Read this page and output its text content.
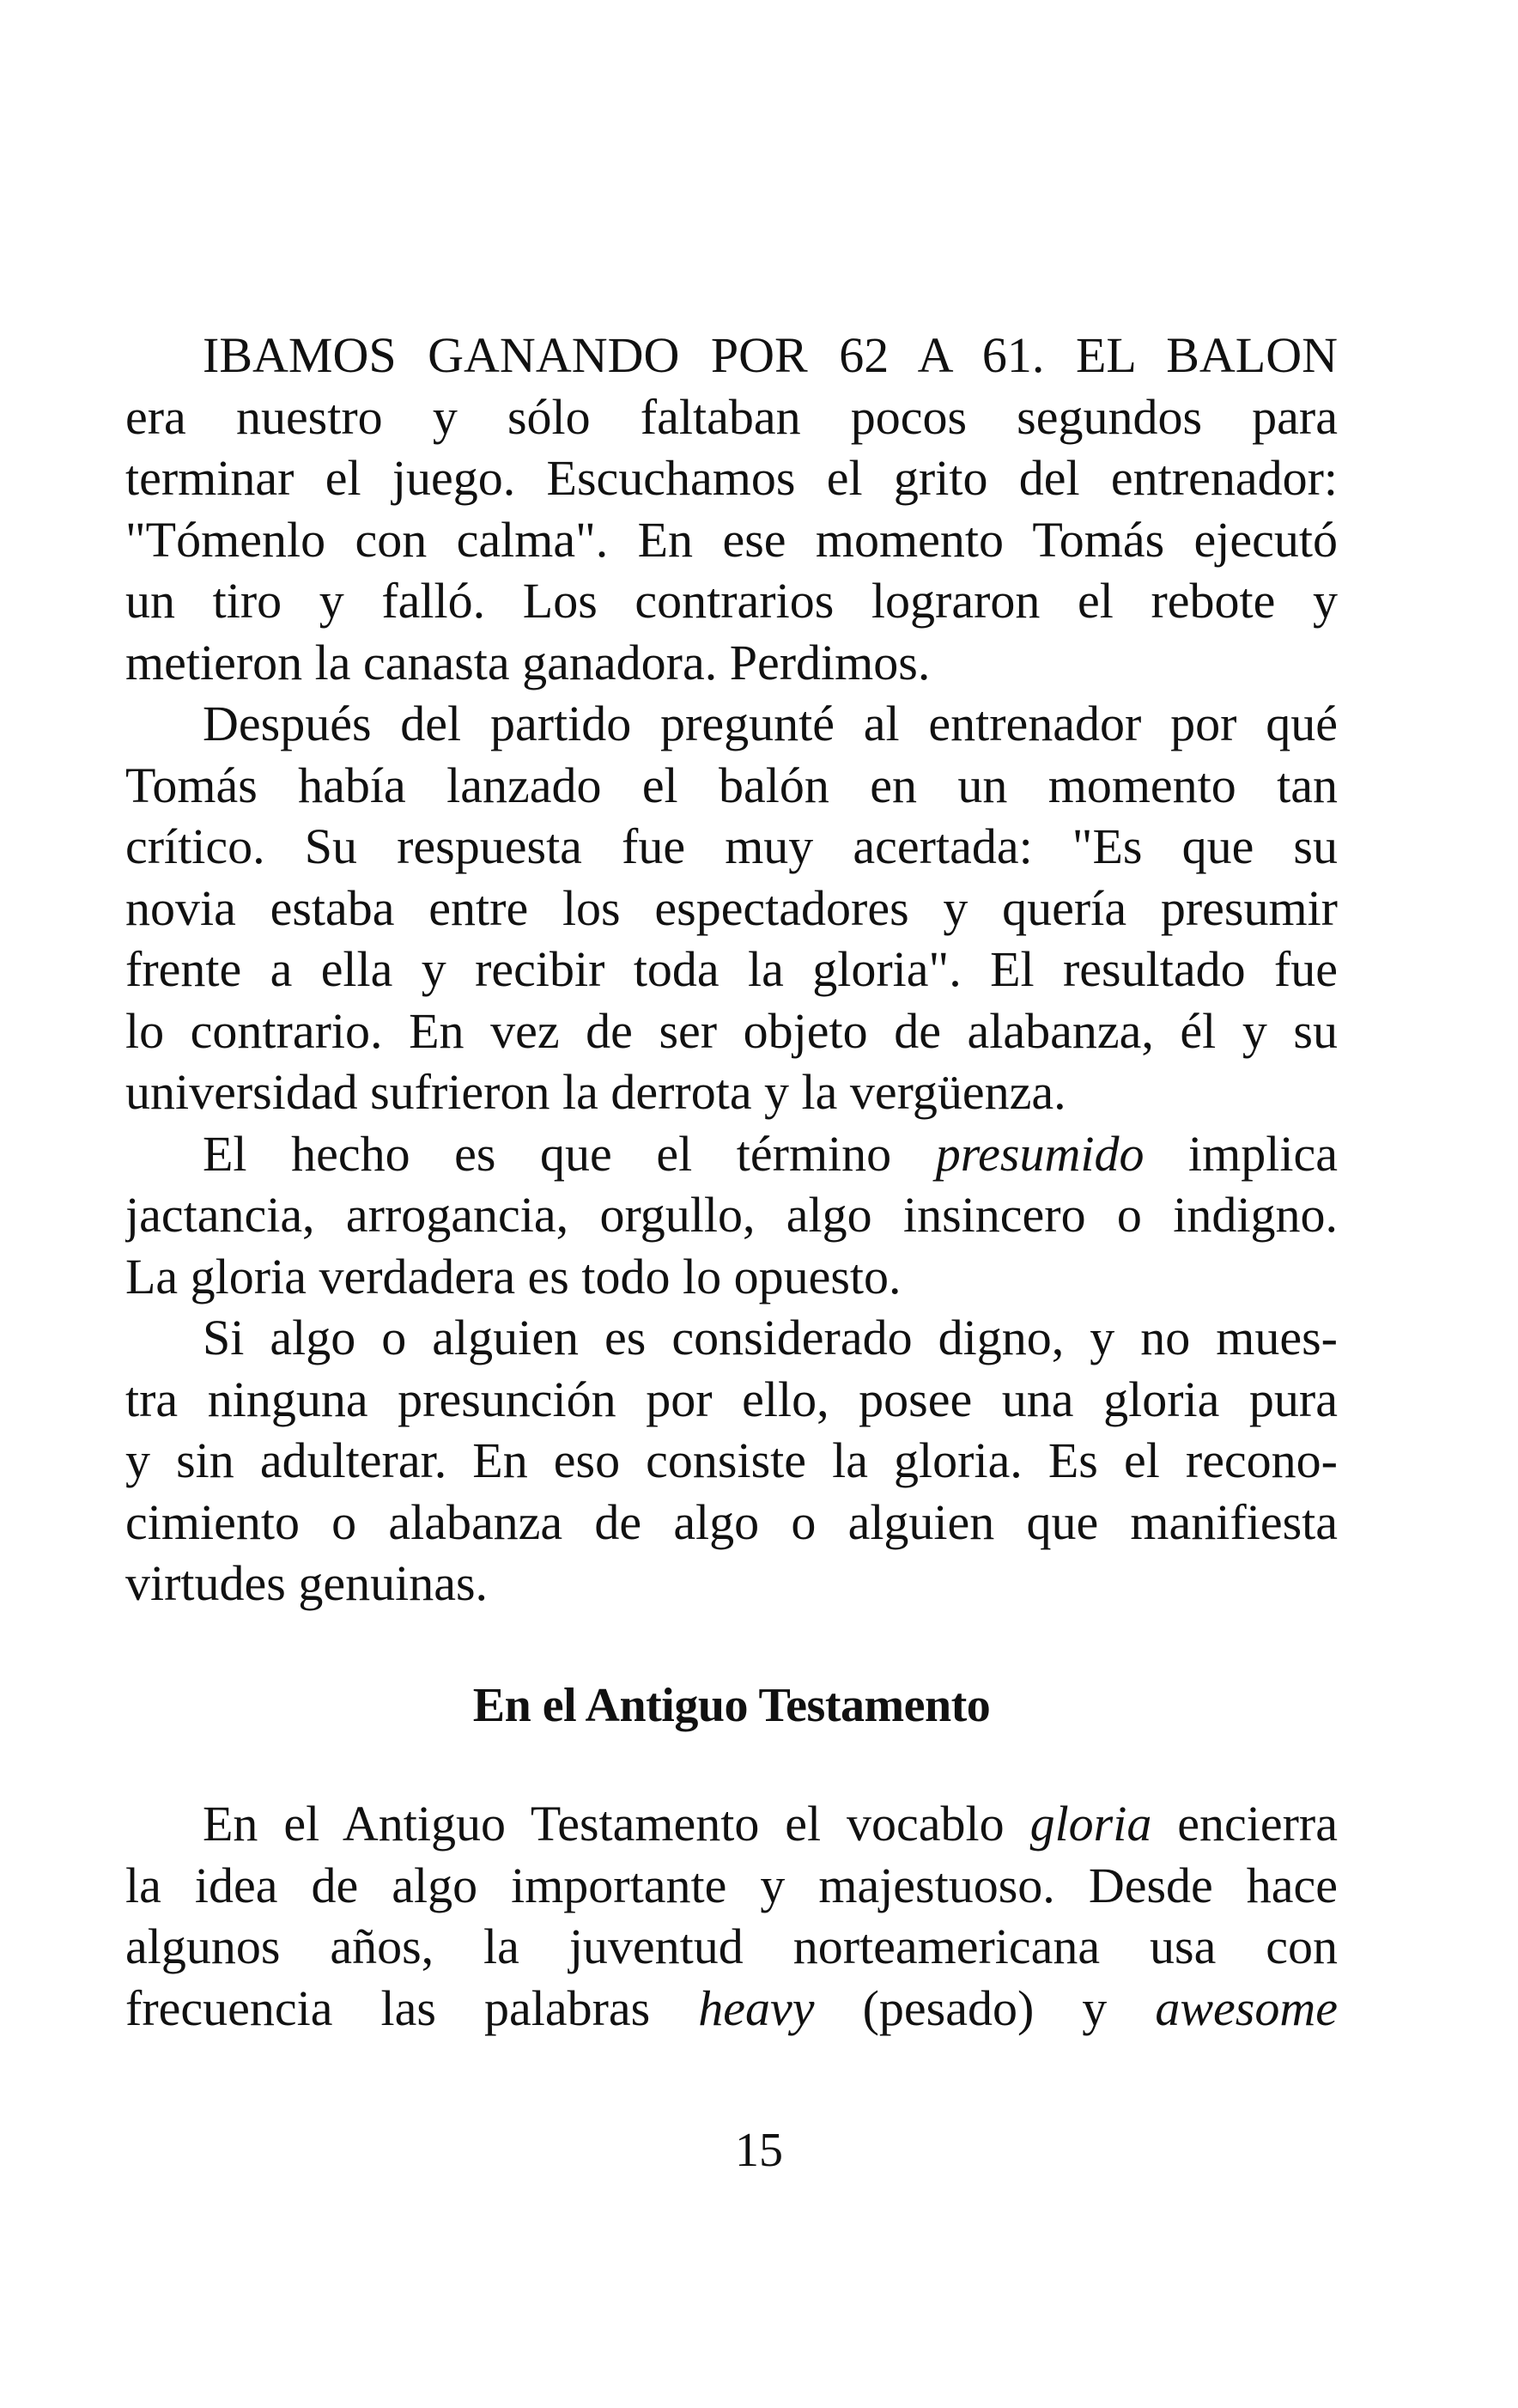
IBAMOS GANANDO POR 62 A 61. EL BALON
era nuestro y sólo faltaban pocos segundos para
terminar el juego. Escuchamos el grito del entrenador:
"Tómenlo con calma". En ese momento Tomás ejecutó
un tiro y falló. Los contrarios lograron el rebote y
metieron la canasta ganadora. Perdimos.
Después del partido pregunté al entrenador por qué
Tomás había lanzado el balón en un momento tan
crítico. Su respuesta fue muy acertada: "Es que su
novia estaba entre los espectadores y quería presumir
frente a ella y recibir toda la gloria". El resultado fue
lo contrario. En vez de ser objeto de alabanza, él y su
universidad sufrieron la derrota y la vergüenza.
El hecho es que el término presumido implica
jactancia, arrogancia, orgullo, algo insincero o indigno.
La gloria verdadera es todo lo opuesto.
Si algo o alguien es considerado digno, y no mues-
tra ninguna presunción por ello, posee una gloria pura
y sin adulterar. En eso consiste la gloria. Es el recono-
cimiento o alabanza de algo o alguien que manifiesta
virtudes genuinas.
En el Antiguo Testamento
En el Antiguo Testamento el vocablo gloria encierra
la idea de algo importante y majestuoso. Desde hace
algunos años, la juventud norteamericana usa con
frecuencia las palabras heavy (pesado) y awesome
15
